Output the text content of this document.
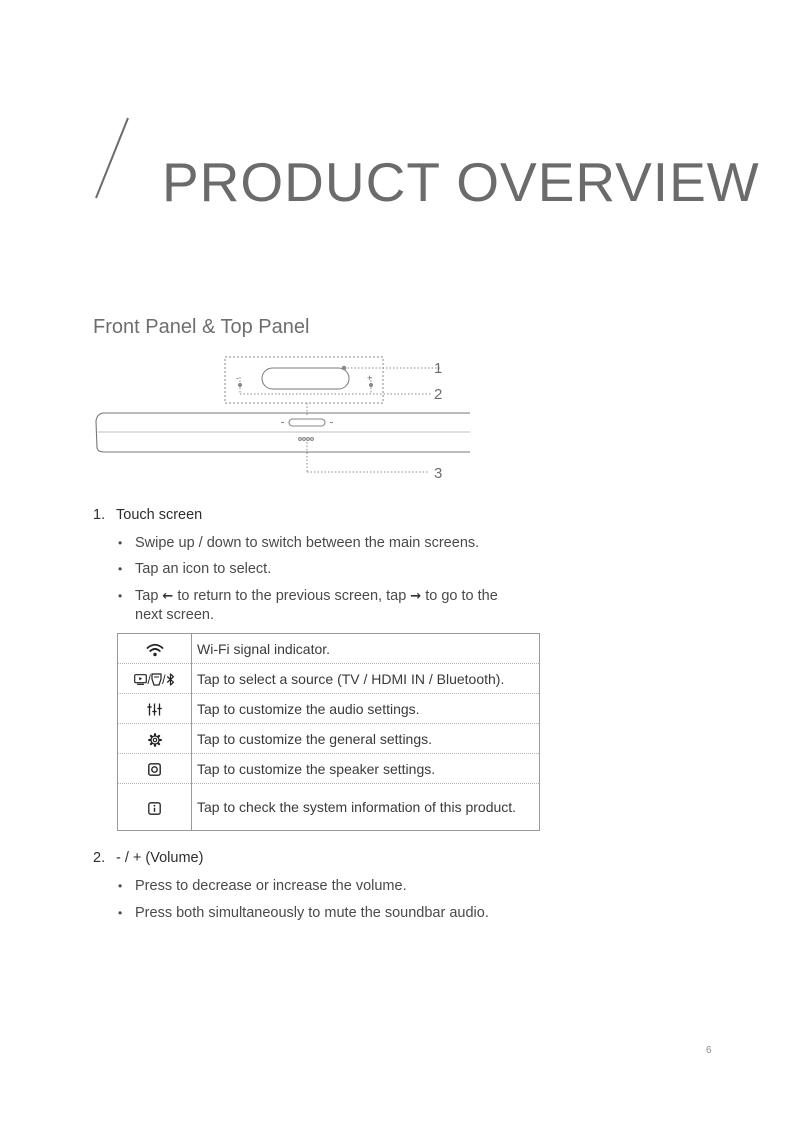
PRODUCT OVERVIEW
Front Panel & Top Panel
-	+
1
2
3
1. Touch screen
• Swipe up / down to switch between the main screens.
• Tap an icon to select.
• Tap ← to return to the previous screen, tap → to go to the next screen.
	Wi-Fi signal indicator.
/ /	Tap to select a source (TV / HDMI IN / Bluetooth).
	Tap to customize the audio settings.
	Tap to customize the general settings.
	Tap to customize the speaker settings.
	Tap to check the system information of this product.
2. - / + (Volume)
• Press to decrease or increase the volume.
• Press both simultaneously to mute the soundbar audio.
6
